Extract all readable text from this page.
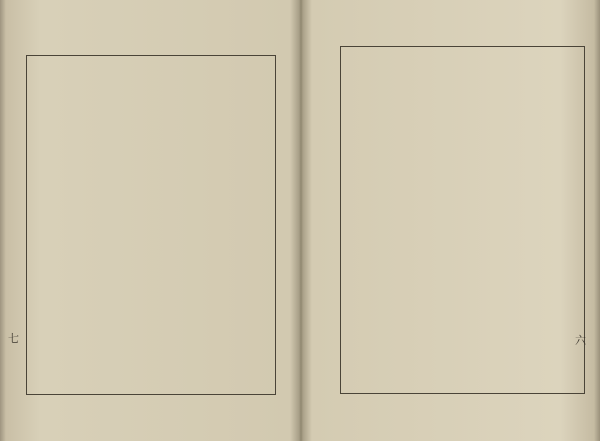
七	六
